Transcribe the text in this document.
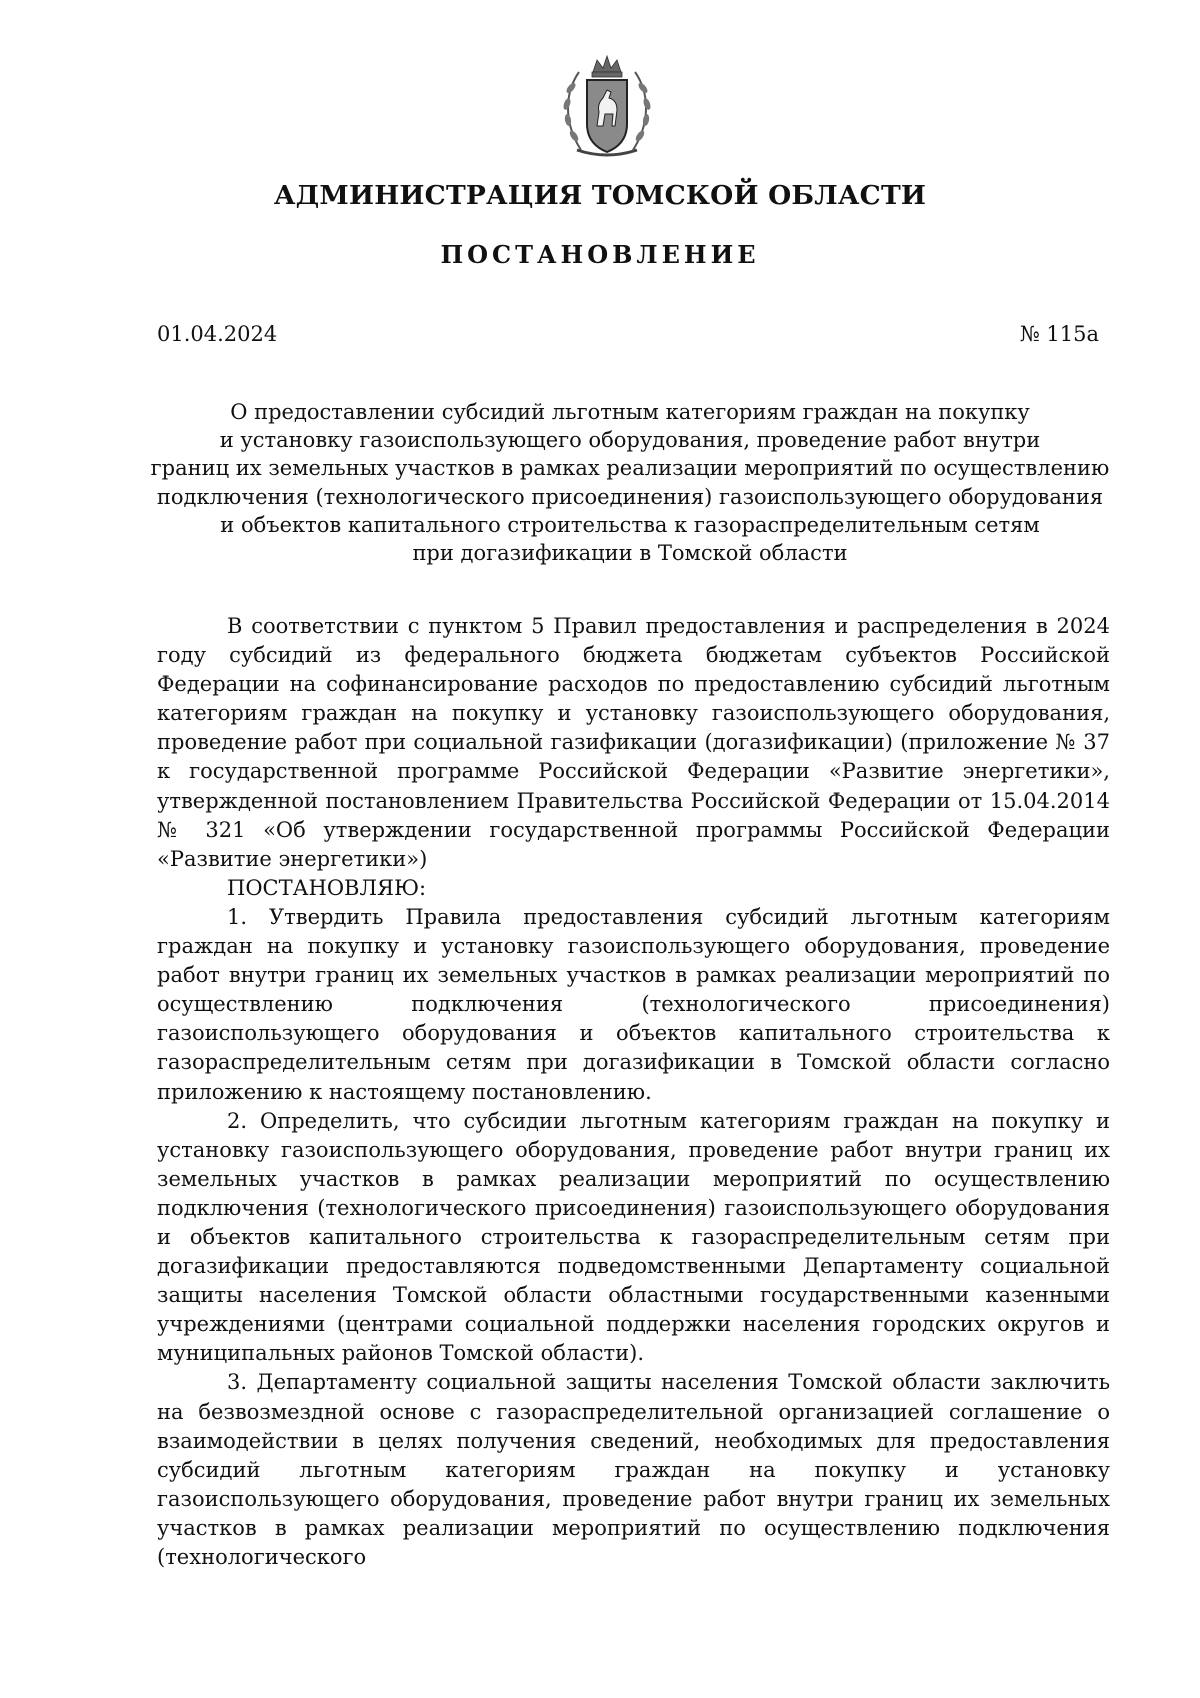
АДМИНИСТРАЦИЯ ТОМСКОЙ ОБЛАСТИ
ПОСТАНОВЛЕНИЕ
01.04.2024	№ 115а
О предоставлении субсидий льготным категориям граждан на покупку
и установку газоиспользующего оборудования, проведение работ внутри
границ их земельных участков в рамках реализации мероприятий по осуществлению
подключения (технологического присоединения) газоиспользующего оборудования
и объектов капитального строительства к газораспределительным сетям
при догазификации в Томской области

В соответствии с пунктом 5 Правил предоставления и распределения в 2024 году субсидий из федерального бюджета бюджетам субъектов Российской Федерации на софинансирование расходов по предоставлению субсидий льготным категориям граждан на покупку и установку газоиспользующего оборудования, проведение работ при социальной газификации (догазификации) (приложение № 37 к государственной программе Российской Федерации «Развитие энергетики», утвержденной постановлением Правительства Российской Федерации от 15.04.2014 № 321 «Об утверждении государственной программы Российской Федерации «Развитие энергетики»)

ПОСТАНОВЛЯЮ:

1. Утвердить Правила предоставления субсидий льготным категориям граждан на покупку и установку газоиспользующего оборудования, проведение работ внутри границ их земельных участков в рамках реализации мероприятий по осуществлению подключения (технологического присоединения) газоиспользующего оборудования и объектов капитального строительства к газораспределительным сетям при догазификации в Томской области согласно приложению к настоящему постановлению.

2. Определить, что субсидии льготным категориям граждан на покупку и установку газоиспользующего оборудования, проведение работ внутри границ их земельных участков в рамках реализации мероприятий по осуществлению подключения (технологического присоединения) газоиспользующего оборудования и объектов капитального строительства к газораспределительным сетям при догазификации предоставляются подведомственными Департаменту социальной защиты населения Томской области областными государственными казенными учреждениями (центрами социальной поддержки населения городских округов и муниципальных районов Томской области).

3. Департаменту социальной защиты населения Томской области заключить на безвозмездной основе с газораспределительной организацией соглашение о взаимодействии в целях получения сведений, необходимых для предоставления субсидий льготным категориям граждан на покупку и установку газоиспользующего оборудования, проведение работ внутри границ их земельных участков в рамках реализации мероприятий по осуществлению подключения (технологического
